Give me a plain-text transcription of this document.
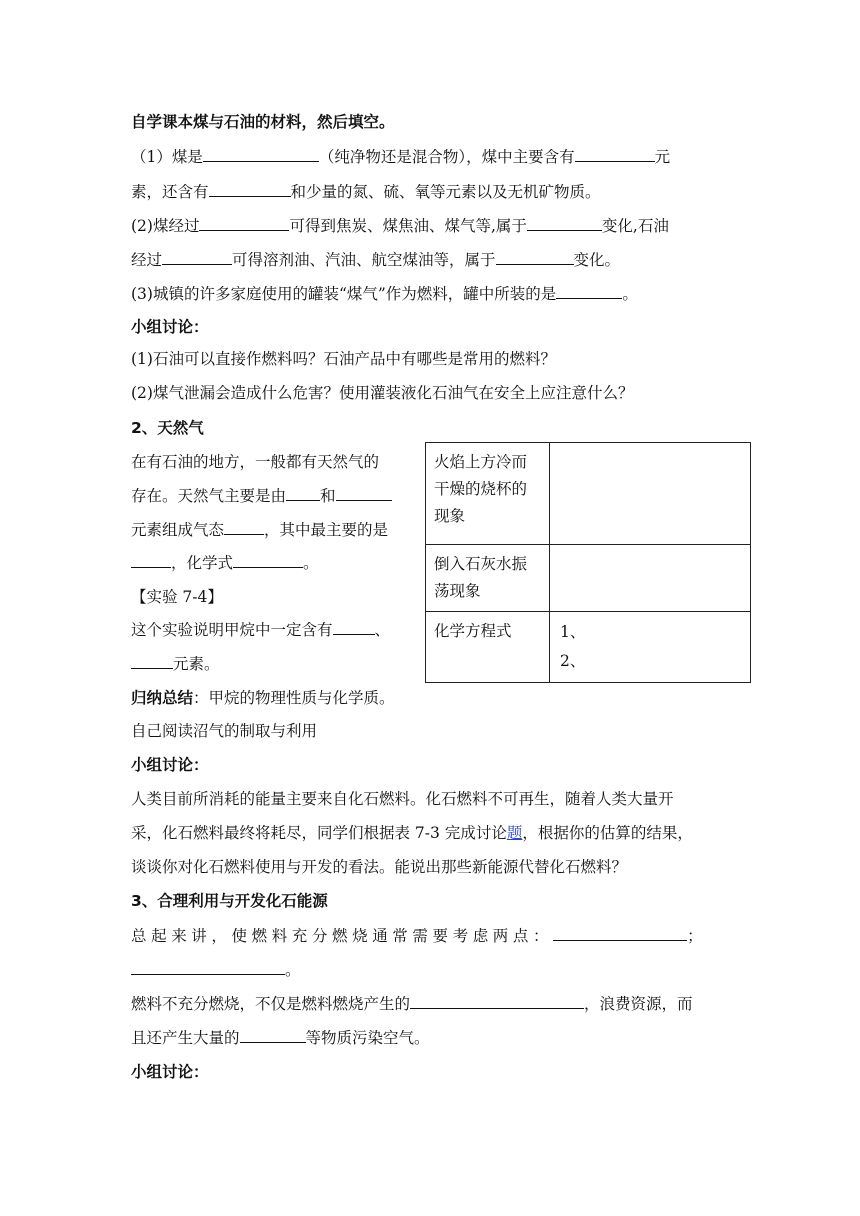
自学课本煤与石油的材料，然后填空。
（1）煤是	（纯净物还是混合物），煤中主要含有	元
素，还含有	和少量的氮、硫、氧等元素以及无机矿物质。
(2)煤经过	可得到焦炭、煤焦油、煤气等,属于	变化,石油
经过	可得溶剂油、汽油、航空煤油等，属于	变化。
(3)城镇的许多家庭使用的罐装“煤气”作为燃料，罐中所装的是	。
小组讨论：
(1)石油可以直接作燃料吗？石油产品中有哪些是常用的燃料？
(2)煤气泄漏会造成什么危害？使用灌装液化石油气在安全上应注意什么？
2、天然气
在有石油的地方，一般都有天然气的
存在。天然气主要是由 和
元素组成气态	，其中最主要的是
，化学式	。
【实验 7-4】
这个实验说明甲烷中一定含有	、
元素。
火焰上方冷而干燥的烧杯的现象	
倒入石灰水振荡现象	
化学方程式	1、
2、
归纳总结：甲烷的物理性质与化学质。
自己阅读沼气的制取与利用
小组讨论：
人类目前所消耗的能量主要来自化石燃料。化石燃料不可再生，随着人类大量开
采，化石燃料最终将耗尽，同学们根据表 7-3 完成讨论题，根据你的估算的结果，
谈谈你对化石燃料使用与开发的看法。能说出那些新能源代替化石燃料？
3、合理利用与开发化石能源
总起来讲，使燃料充分燃烧通常需要考虑两点：	；
。
燃料不充分燃烧，不仅是燃料燃烧产生的	，浪费资源，而
且还产生大量的	等物质污染空气。
小组讨论：
